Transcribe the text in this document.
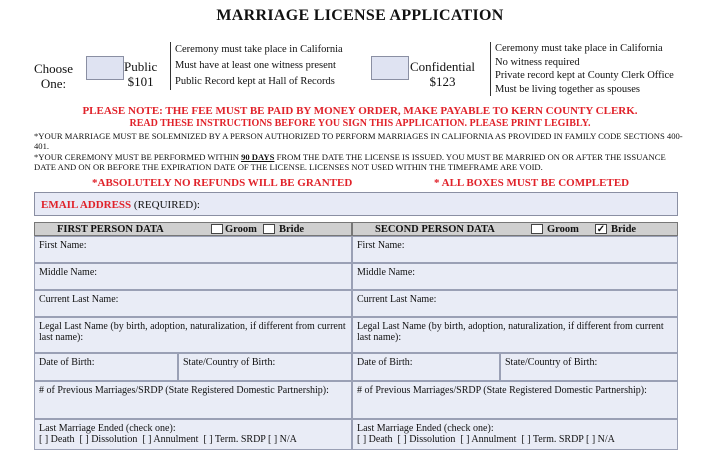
MARRIAGE LICENSE APPLICATION
Choose
One:
Public
$101
Ceremony must take place in California
Must have at least one witness present
Public Record kept at Hall of Records
Confidential
$123
Ceremony must take place in California
No witness required
Private record kept at County Clerk Office
Must be living together as spouses
PLEASE NOTE: THE FEE MUST BE PAID BY MONEY ORDER, MAKE PAYABLE TO KERN COUNTY CLERK.
READ THESE INSTRUCTIONS BEFORE YOU SIGN THIS APPLICATION. PLEASE PRINT LEGIBLY.
*YOUR MARRIAGE MUST BE SOLEMNIZED BY A PERSON AUTHORIZED TO PERFORM MARRIAGES IN CALIFORNIA AS PROVIDED IN FAMILY CODE SECTIONS 400-401.
*YOUR CEREMONY MUST BE PERFORMED WITHIN 90 DAYS FROM THE DATE THE LICENSE IS ISSUED. YOU MUST BE MARRIED ON OR AFTER THE ISSUANCE DATE AND ON OR BEFORE THE EXPIRATION DATE OF THE LICENSE. LICENSES NOT USED WITHIN THE TIMEFRAME ARE VOID.
*ABSOLUTELY NO REFUNDS WILL BE GRANTED	* ALL BOXES MUST BE COMPLETED
EMAIL ADDRESS (REQUIRED):
FIRST PERSON DATA	Groom Bride	SECOND PERSON DATA	Groom ✓ Bride
First Name:
Middle Name:
Current Last Name:
Legal Last Name (by birth, adoption, naturalization, if different from current last name):
Date of Birth:	State/Country of Birth:
# of Previous Marriages/SRDP (State Registered Domestic Partnership):
Last Marriage Ended (check one):
[ ] Death  [ ] Dissolution  [ ] Annulment  [ ] Term. SRDP [ ] N/A
First Name:
Middle Name:
Current Last Name:
Legal Last Name (by birth, adoption, naturalization, if different from current last name):
Date of Birth:	State/Country of Birth:
# of Previous Marriages/SRDP (State Registered Domestic Partnership):
Last Marriage Ended (check one):
[ ] Death  [ ] Dissolution  [ ] Annulment  [ ] Term. SRDP [ ] N/A
